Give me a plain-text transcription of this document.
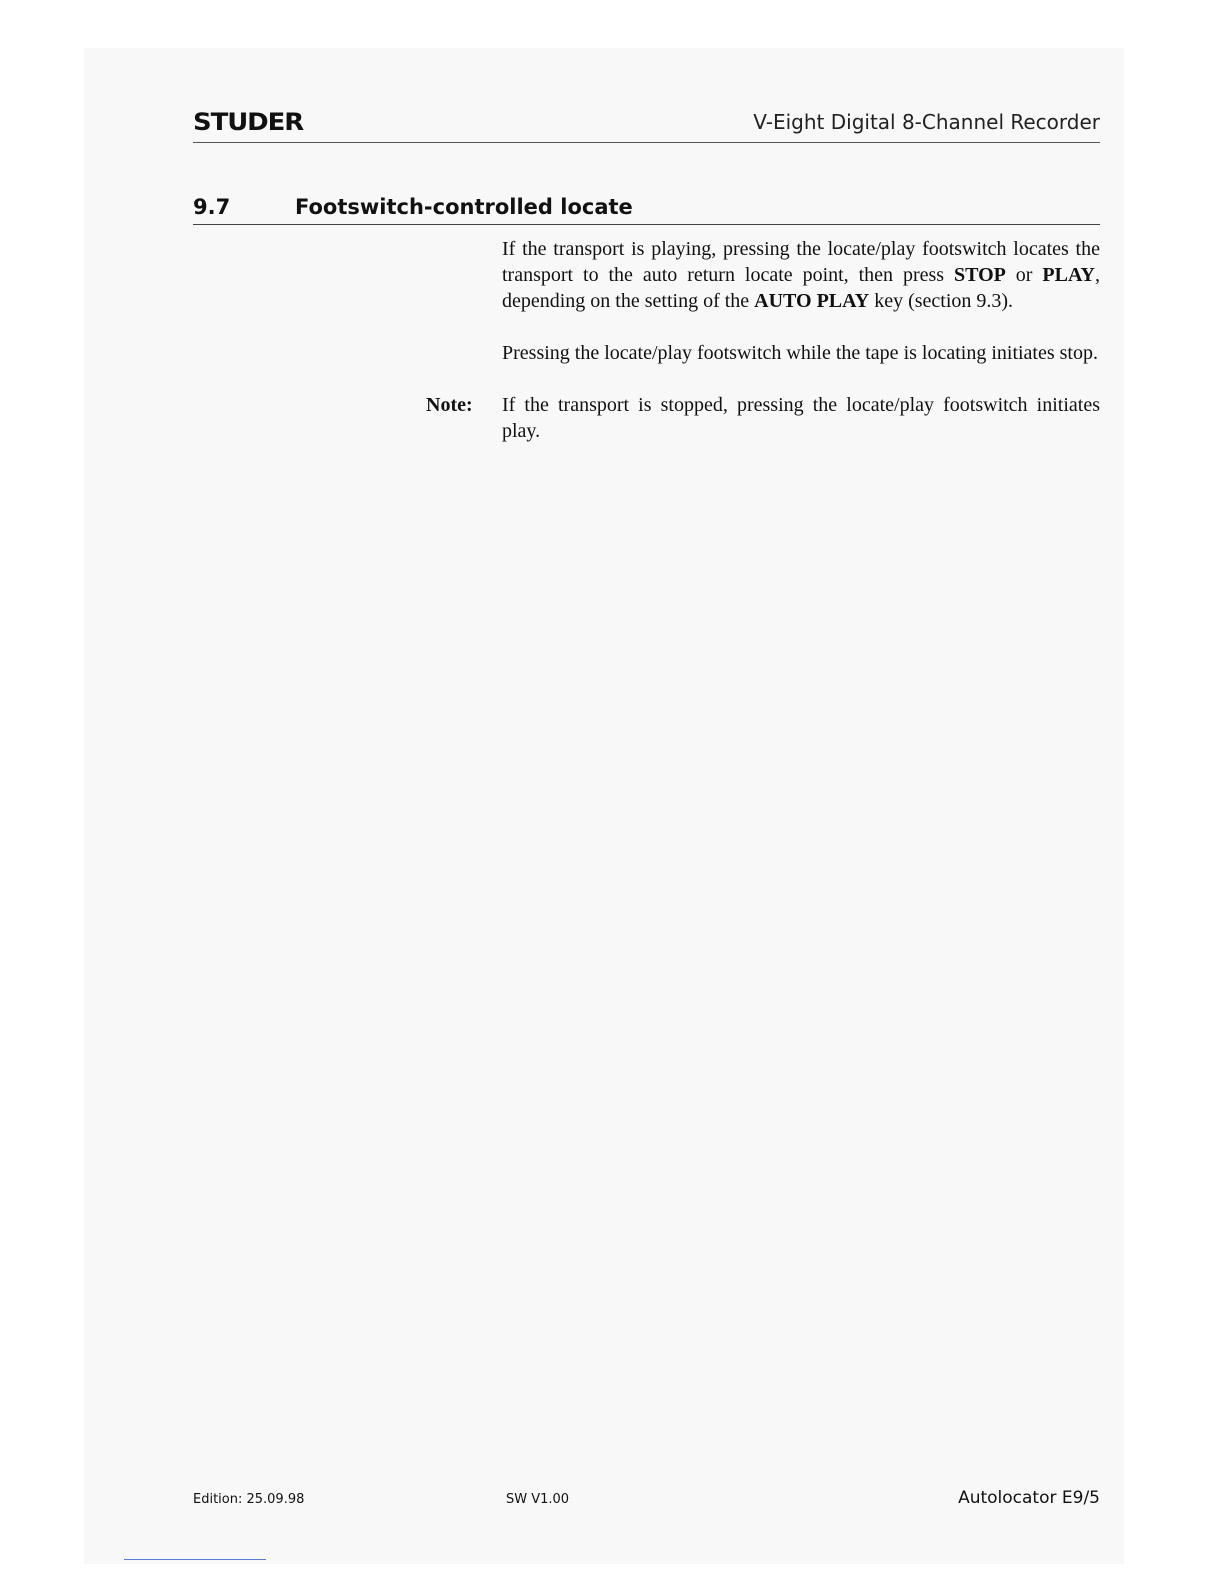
STUDER	V-Eight Digital 8-Channel Recorder
9.7	Footswitch-controlled locate

If the transport is playing, pressing the locate/play footswitch locates the transport to the auto return locate point, then press STOP or PLAY, depending on the setting of the AUTO PLAY key (section 9.3).

Pressing the locate/play footswitch while the tape is locating initiates stop.

Note: If the transport is stopped, pressing the locate/play footswitch initiates play.

Edition: 25.09.98	SW V1.00	Autolocator E9/5
